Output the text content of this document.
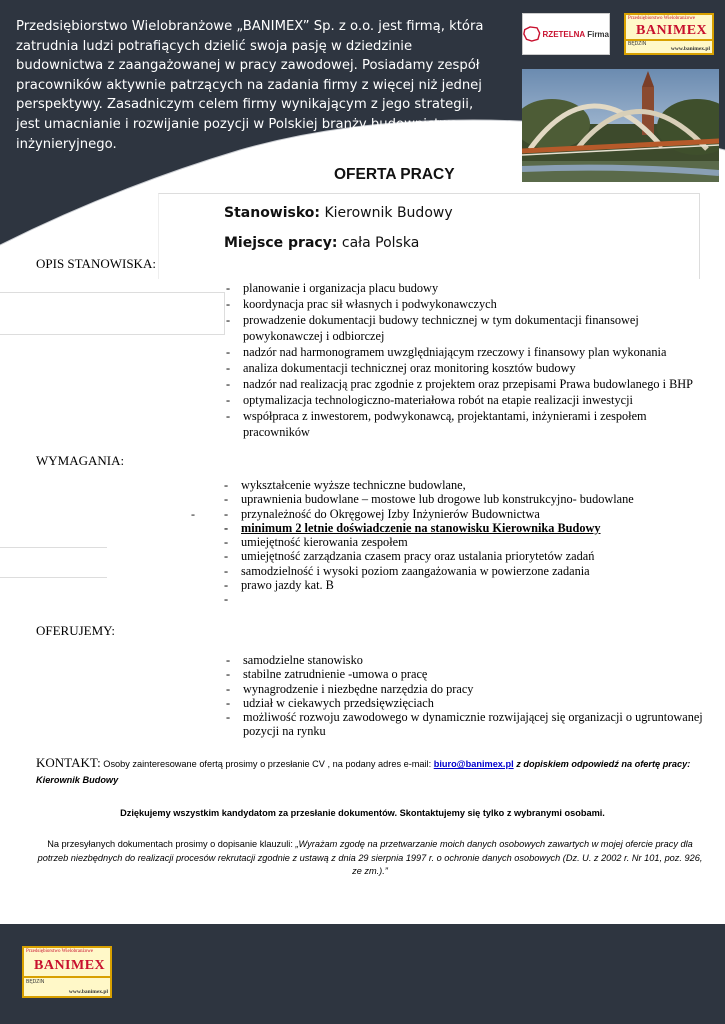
Przedsiębiorstwo Wielobranżowe „BANIMEX” Sp. z o.o. jest firmą, która zatrudnia ludzi potrafiących dzielić swoja pasję w dziedzinie budownictwa z zaangażowanej w pracy zawodowej. Posiadamy zespół pracowników aktywnie patrzących na zadania firmy z więcej niż jednej perspektywy. Zasadniczym celem firmy wynikającym z jego strategii, jest umacnianie i rozwijanie pozycji w Polskiej branży budownictwa inżynieryjnego.

RZETELNA Firma
Przedsiębiorstwo Wielobranżowe
BANIMEX
BĘDZIN
www.banimex.pl
OFERTA PRACY
Stanowisko: Kierownik Budowy
Miejsce pracy: cała Polska
OPIS STANOWISKA:
- planowanie i organizacja placu budowy
- koordynacja prac sił własnych i podwykonawczych
- prowadzenie dokumentacji budowy technicznej w tym dokumentacji finansowej powykonawczej i odbiorczej
- nadzór nad harmonogramem uwzględniającym rzeczowy i finansowy plan wykonania
- analiza dokumentacji technicznej oraz monitoring kosztów budowy
- nadzór nad realizacją prac zgodnie z projektem oraz przepisami Prawa budowlanego i BHP
- optymalizacja technologiczno-materiałowa robót na etapie realizacji inwestycji
- współpraca z inwestorem, podwykonawcą, projektantami, inżynierami i zespołem pracowników
WYMAGANIA:
- wykształcenie wyższe techniczne budowlane,
- uprawnienia budowlane – mostowe lub drogowe lub konstrukcyjno- budowlane
- przynależność do Okręgowej Izby Inżynierów Budownictwa
- minimum 2 letnie doświadczenie na stanowisku Kierownika Budowy
- umiejętność kierowania zespołem
- umiejętność zarządzania czasem pracy oraz ustalania priorytetów zadań
- samodzielność i wysoki poziom zaangażowania w powierzone zadania
- prawo jazdy kat. B
-
OFERUJEMY:
- samodzielne stanowisko
- stabilne zatrudnienie -umowa o pracę
- wynagrodzenie i niezbędne narzędzia do pracy
- udział w ciekawych przedsięwzięciach
- możliwość rozwoju zawodowego w dynamicznie rozwijającej się organizacji o ugruntowanej pozycji na rynku
KONTAKT: Osoby zainteresowane ofertą prosimy o przesłanie CV , na podany adres e-mail: biuro@banimex.pl z dopiskiem odpowiedź na ofertę pracy: Kierownik Budowy
Dziękujemy wszystkim kandydatom za przesłanie dokumentów. Skontaktujemy się tylko z wybranymi osobami.
Na przesyłanych dokumentach prosimy o dopisanie klauzuli: „Wyrażam zgodę na przetwarzanie moich danych osobowych zawartych w mojej ofercie pracy dla potrzeb niezbędnych do realizacji procesów rekrutacji zgodnie z ustawą z dnia 29 sierpnia 1997 r. o ochronie danych osobowych (Dz. U. z 2002 r. Nr 101, poz. 926, ze zm.).”
Przedsiębiorstwo Wielobranżowe
BANIMEX
BĘDZIN
www.banimex.pl
